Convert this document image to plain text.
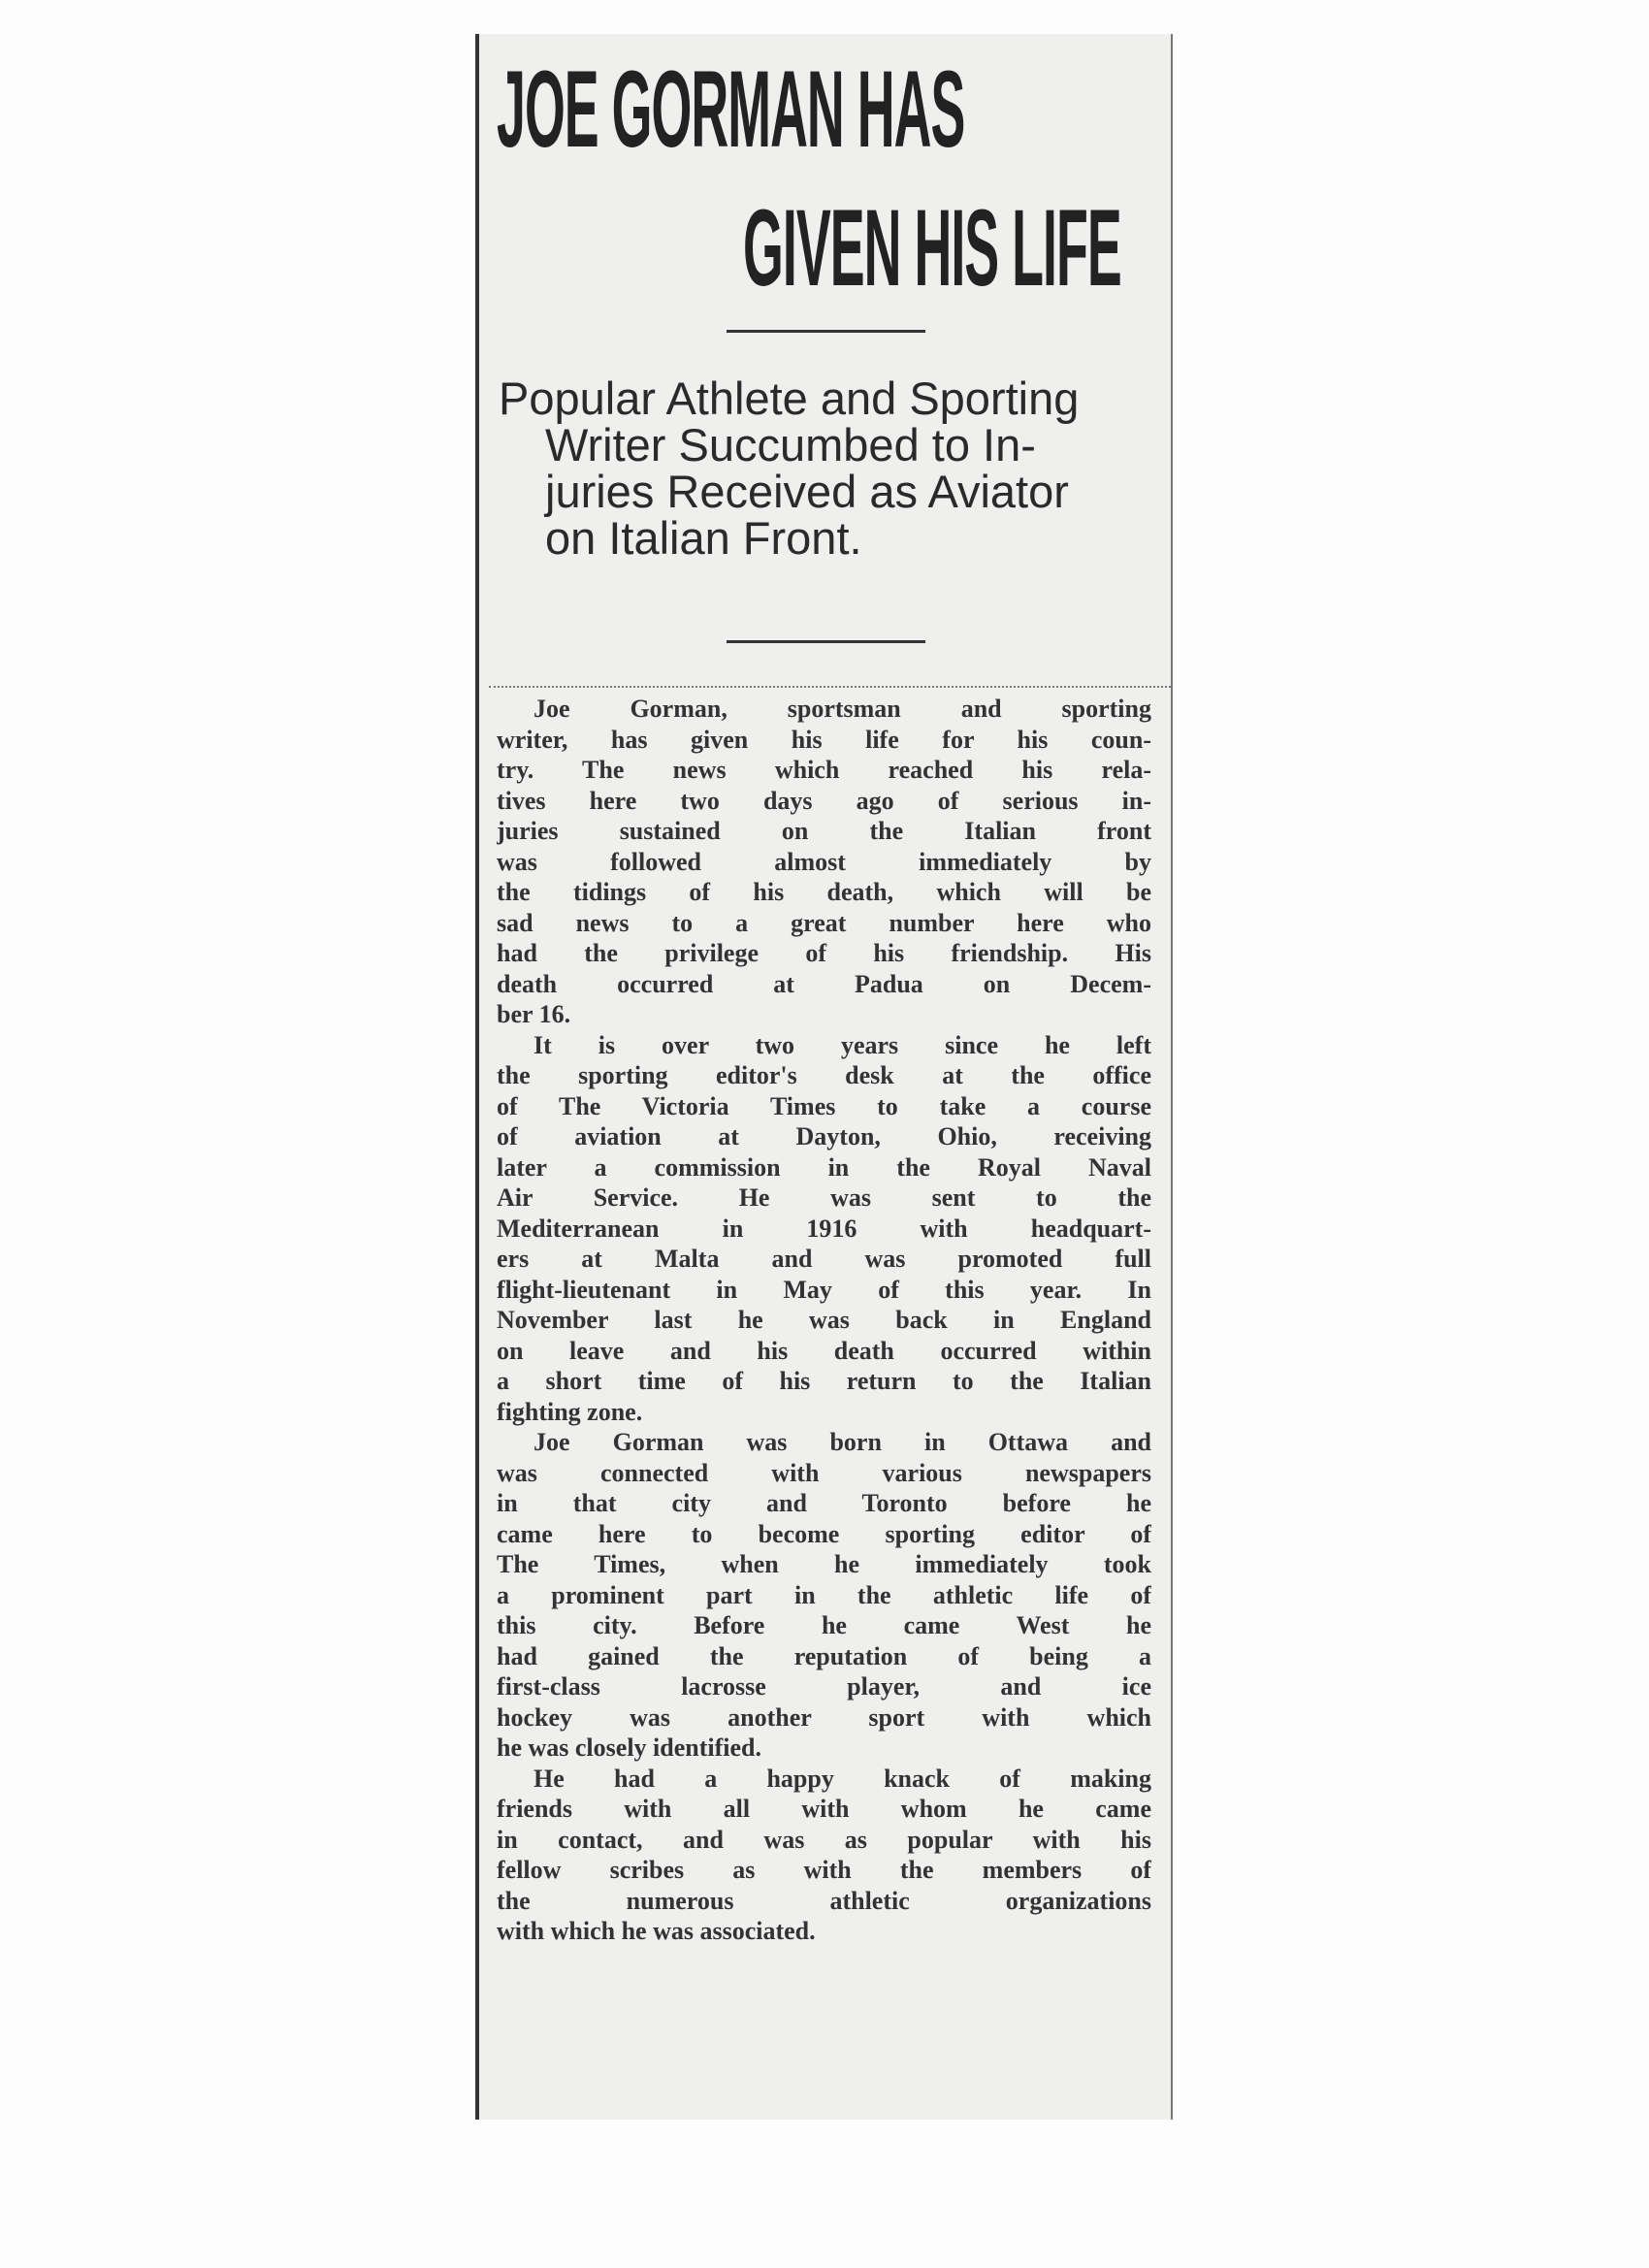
JOE GORMAN HAS
GIVEN HIS LIFE
Popular Athlete and Sporting
Writer Succumbed to In-
juries Received as Aviator
on Italian Front.
Joe Gorman, sportsman and sporting
writer, has given his life for his coun-
try. The news which reached his rela-
tives here two days ago of serious in-
juries sustained on the Italian front
was followed almost immediately by
the tidings of his death, which will be
sad news to a great number here who
had the privilege of his friendship. His
death occurred at Padua on Decem-
ber 16.
It is over two years since he left
the sporting editor's desk at the office
of The Victoria Times to take a course
of aviation at Dayton, Ohio, receiving
later a commission in the Royal Naval
Air Service. He was sent to the
Mediterranean in 1916 with headquart-
ers at Malta and was promoted full
flight-lieutenant in May of this year. In
November last he was back in England
on leave and his death occurred within
a short time of his return to the Italian
fighting zone.
Joe Gorman was born in Ottawa and
was connected with various newspapers
in that city and Toronto before he
came here to become sporting editor of
The Times, when he immediately took
a prominent part in the athletic life of
this city. Before he came West he
had gained the reputation of being a
first-class lacrosse player, and ice
hockey was another sport with which
he was closely identified.
He had a happy knack of making
friends with all with whom he came
in contact, and was as popular with his
fellow scribes as with the members of
the numerous athletic organizations
with which he was associated.
